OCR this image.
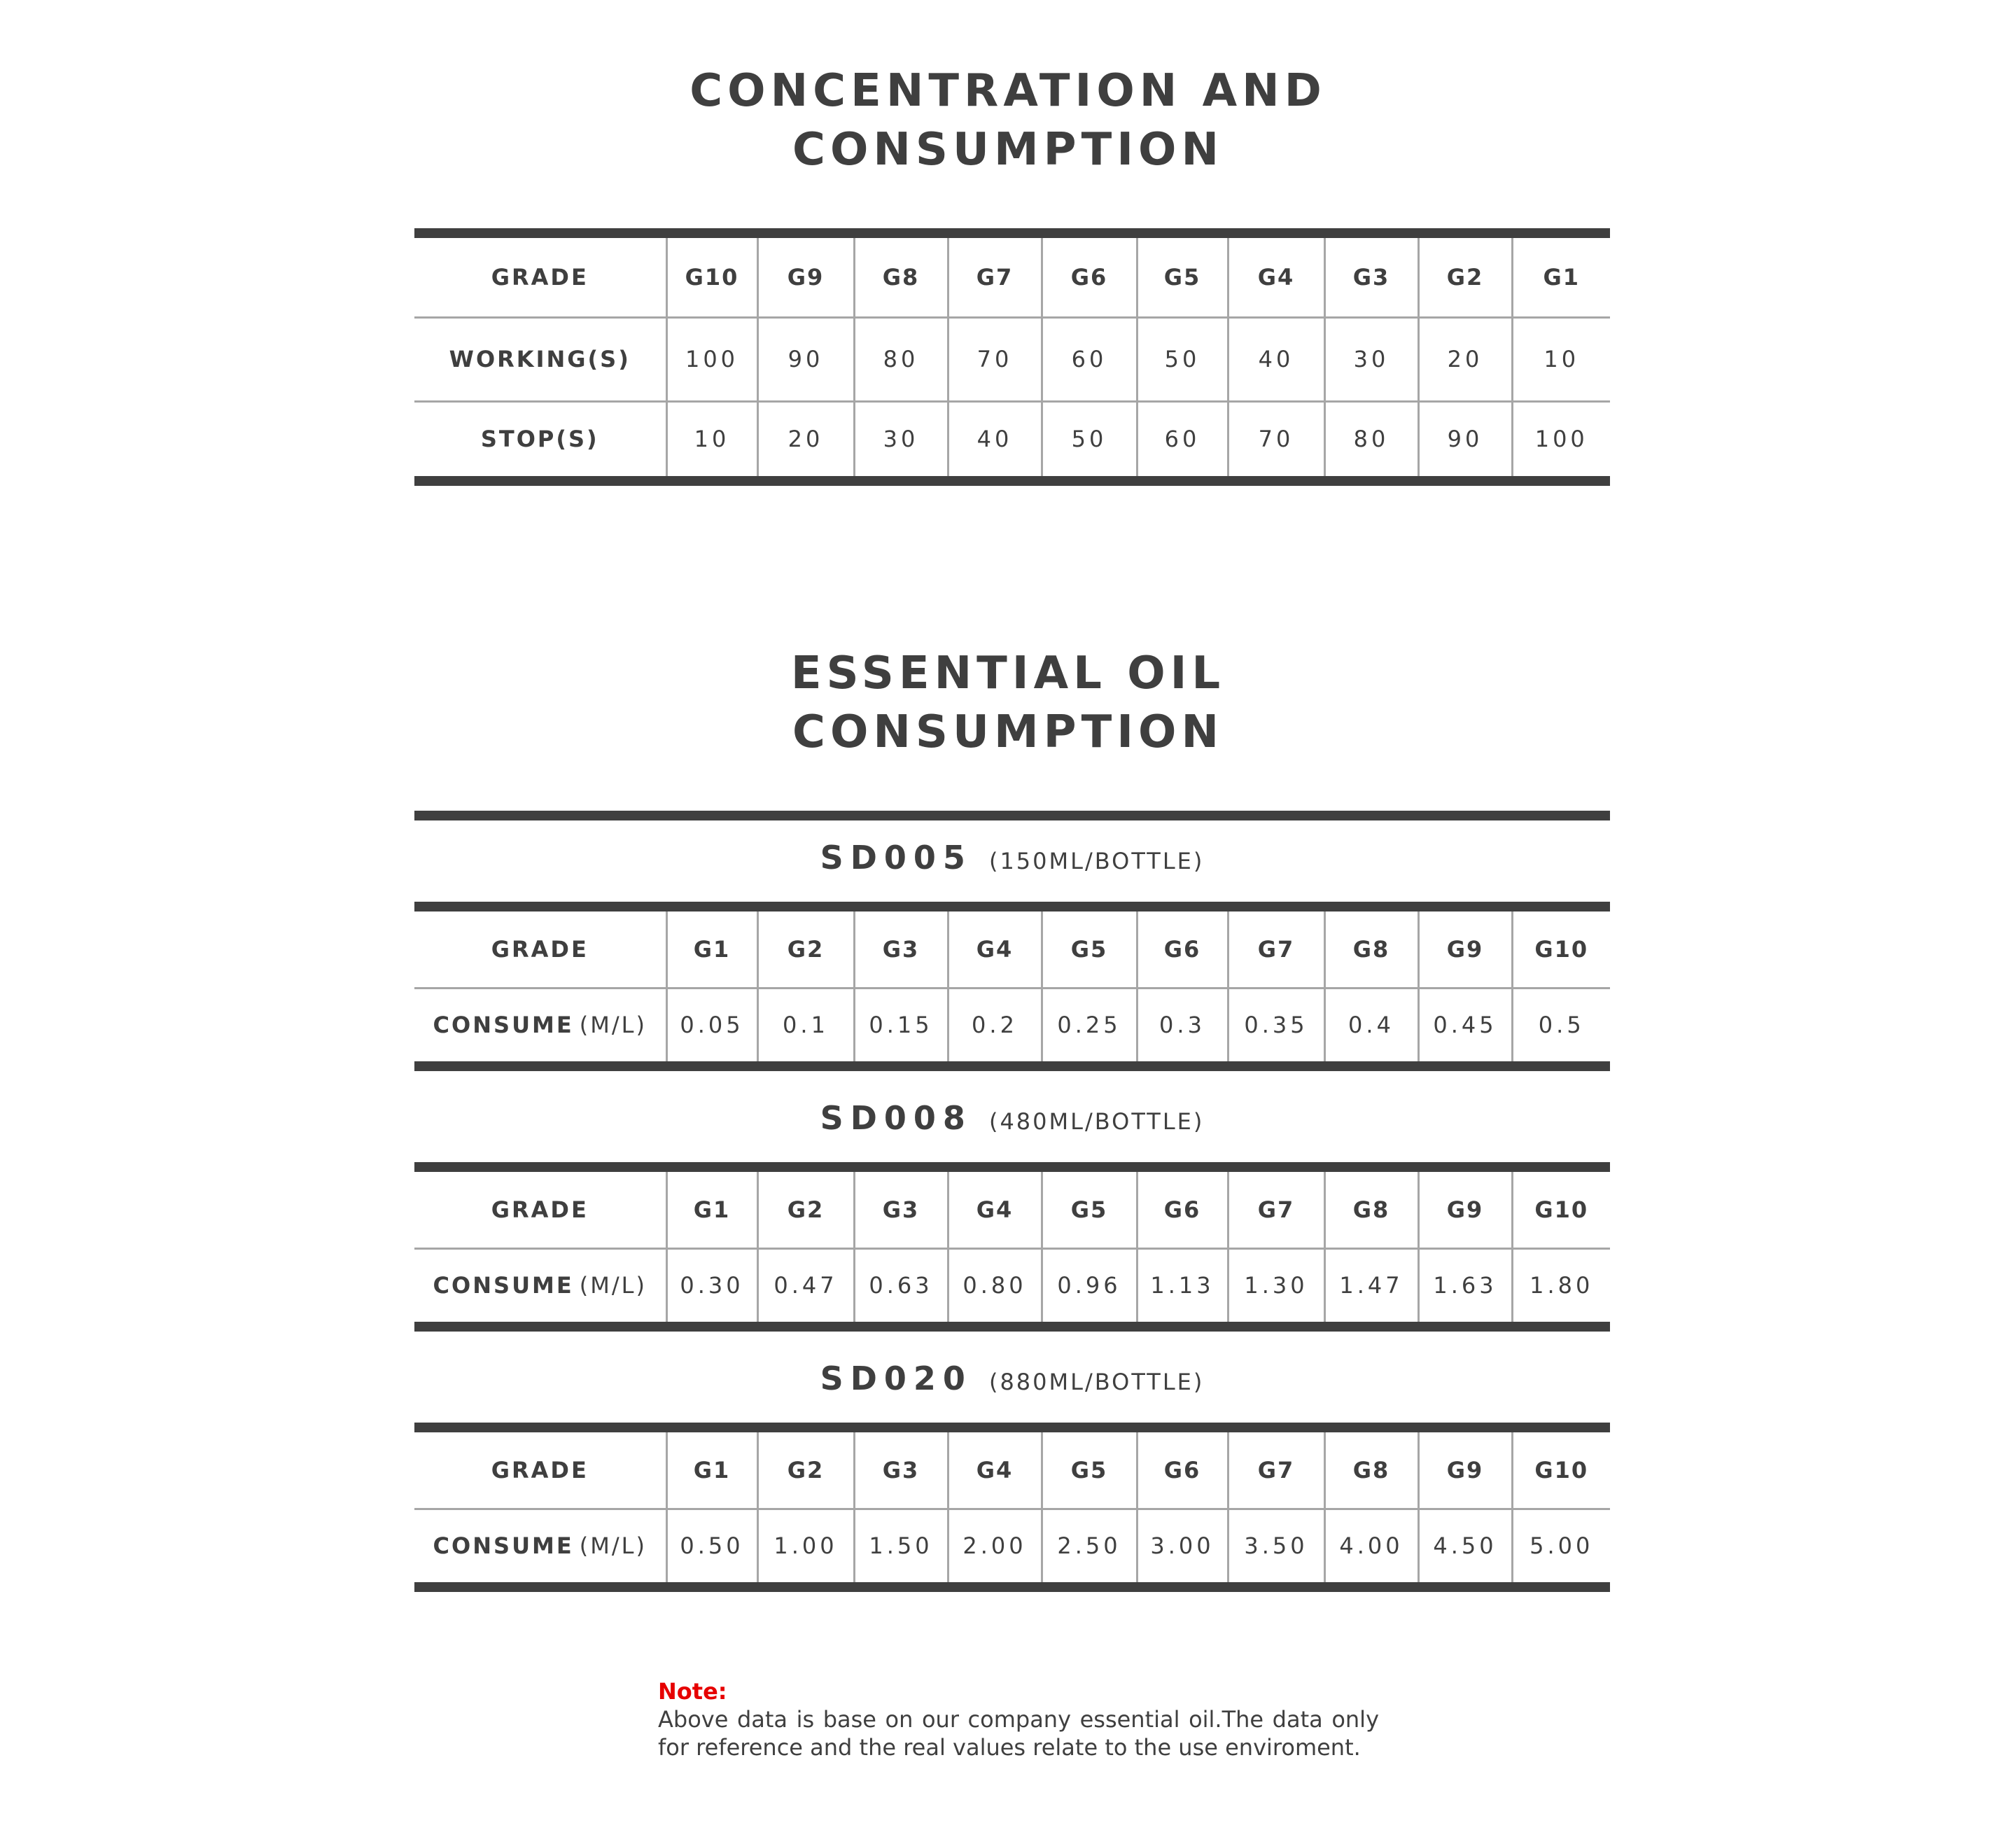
CONCENTRATION AND
CONSUMPTION
GRADE	G10	G9	G8	G7	G6	G5	G4	G3	G2	G1
WORKING(S)	100	90	80	70	60	50	40	30	20	10
STOP(S)	10	20	30	40	50	60	70	80	90	100
ESSENTIAL OIL
CONSUMPTION
SD005 (150ML/BOTTLE)
GRADE	G1	G2	G3	G4	G5	G6	G7	G8	G9	G10
CONSUME (M/L)	0.05	0.1	0.15	0.2	0.25	0.3	0.35	0.4	0.45	0.5
SD008 (480ML/BOTTLE)
GRADE	G1	G2	G3	G4	G5	G6	G7	G8	G9	G10
CONSUME (M/L)	0.30	0.47	0.63	0.80	0.96	1.13	1.30	1.47	1.63	1.80
SD020 (880ML/BOTTLE)
GRADE	G1	G2	G3	G4	G5	G6	G7	G8	G9	G10
CONSUME (M/L)	0.50	1.00	1.50	2.00	2.50	3.00	3.50	4.00	4.50	5.00
Note:
Above data is base on our company essential oil.The data only for reference and the real values relate to the use enviroment.
